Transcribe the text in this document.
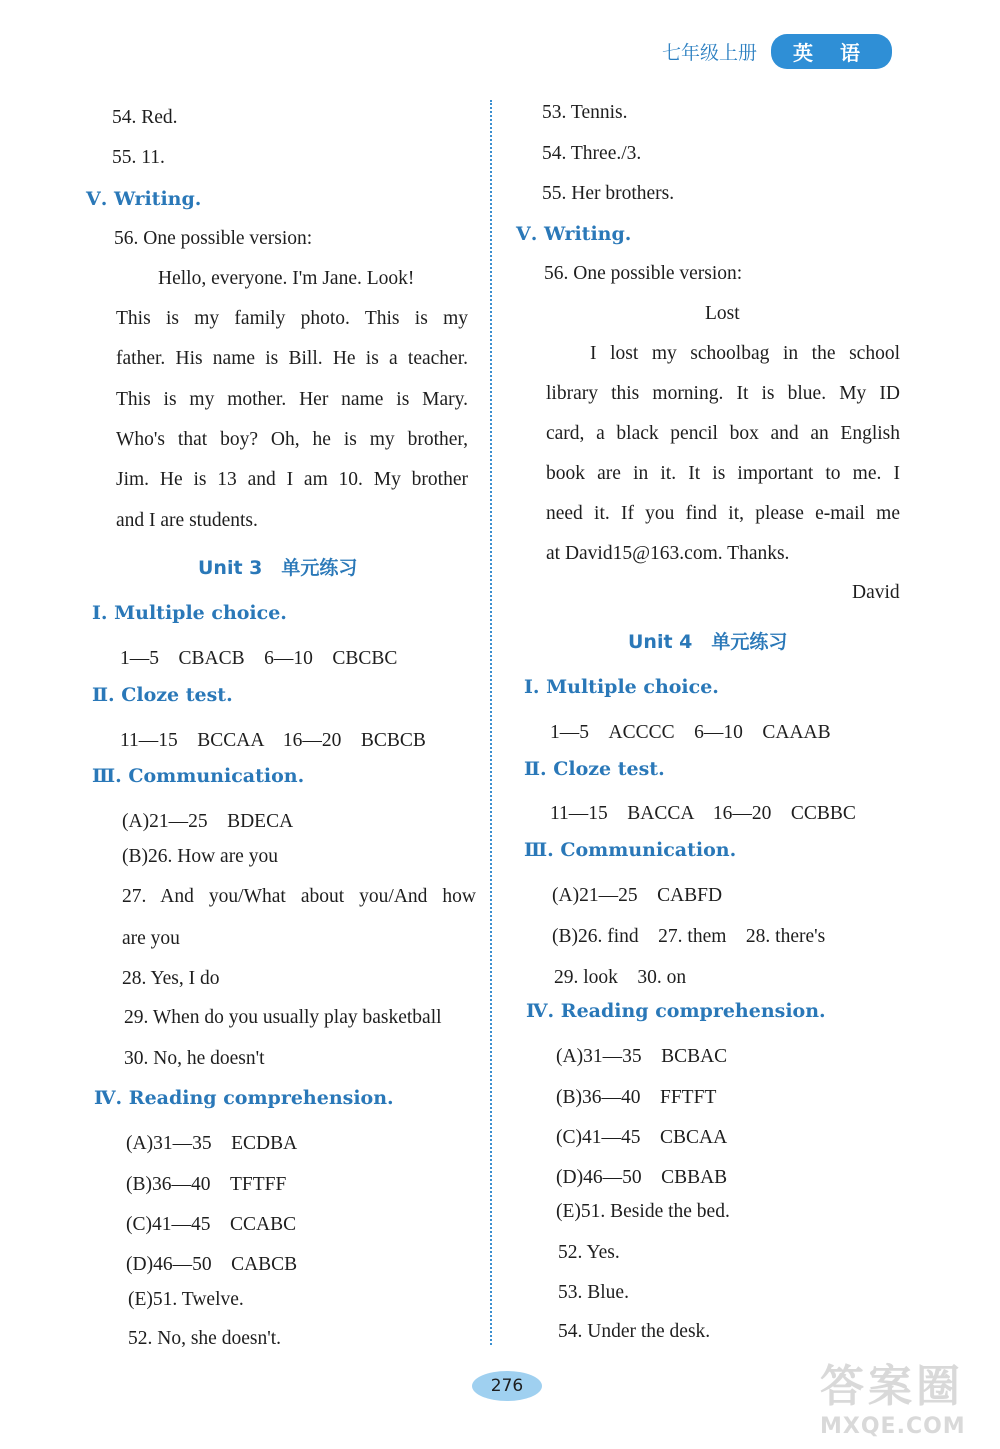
七年级上册	英 语
54. Red.
55. 11.
Ⅴ. Writing.
56. One possible version:
Hello, everyone. I'm Jane. Look!
This is my family photo. This is my
father. His name is Bill. He is a teacher.
This is my mother. Her name is Mary.
Who's that boy? Oh, he is my brother,
Jim. He is 13 and I am 10. My brother
and I are students.
Unit 3　单元练习
Ⅰ. Multiple choice.
1—5　CBACB　6—10　CBCBC
Ⅱ. Cloze test.
11—15　BCCAA　16—20　BCBCB
Ⅲ. Communication.
(A)21—25　BDECA
(B)26. How are you
27. And you/What about you/And how
are you
28. Yes, I do
29. When do you usually play basketball
30. No, he doesn't
Ⅳ. Reading comprehension.
(A)31—35　ECDBA
(B)36—40　TFTFF
(C)41—45　CCABC
(D)46—50　CABCB
(E)51. Twelve.
52. No, she doesn't.
53. Tennis.
54. Three./3.
55. Her brothers.
Ⅴ. Writing.
56. One possible version:
Lost
I lost my schoolbag in the school
library this morning. It is blue. My ID
card, a black pencil box and an English
book are in it. It is important to me. I
need it. If you find it, please e-mail me
at David15@163.com. Thanks.
David
Unit 4　单元练习
Ⅰ. Multiple choice.
1—5　ACCCC　6—10　CAAAB
Ⅱ. Cloze test.
11—15　BACCA　16—20　CCBBC
Ⅲ. Communication.
(A)21—25　CABFD
(B)26. find　27. them　28. there's
29. look　30. on
Ⅳ. Reading comprehension.
(A)31—35　BCBAC
(B)36—40　FFTFT
(C)41—45　CBCAA
(D)46—50　CBBAB
(E)51. Beside the bed.
52. Yes.
53. Blue.
54. Under the desk.
276	答案圈
MXQE.COM
